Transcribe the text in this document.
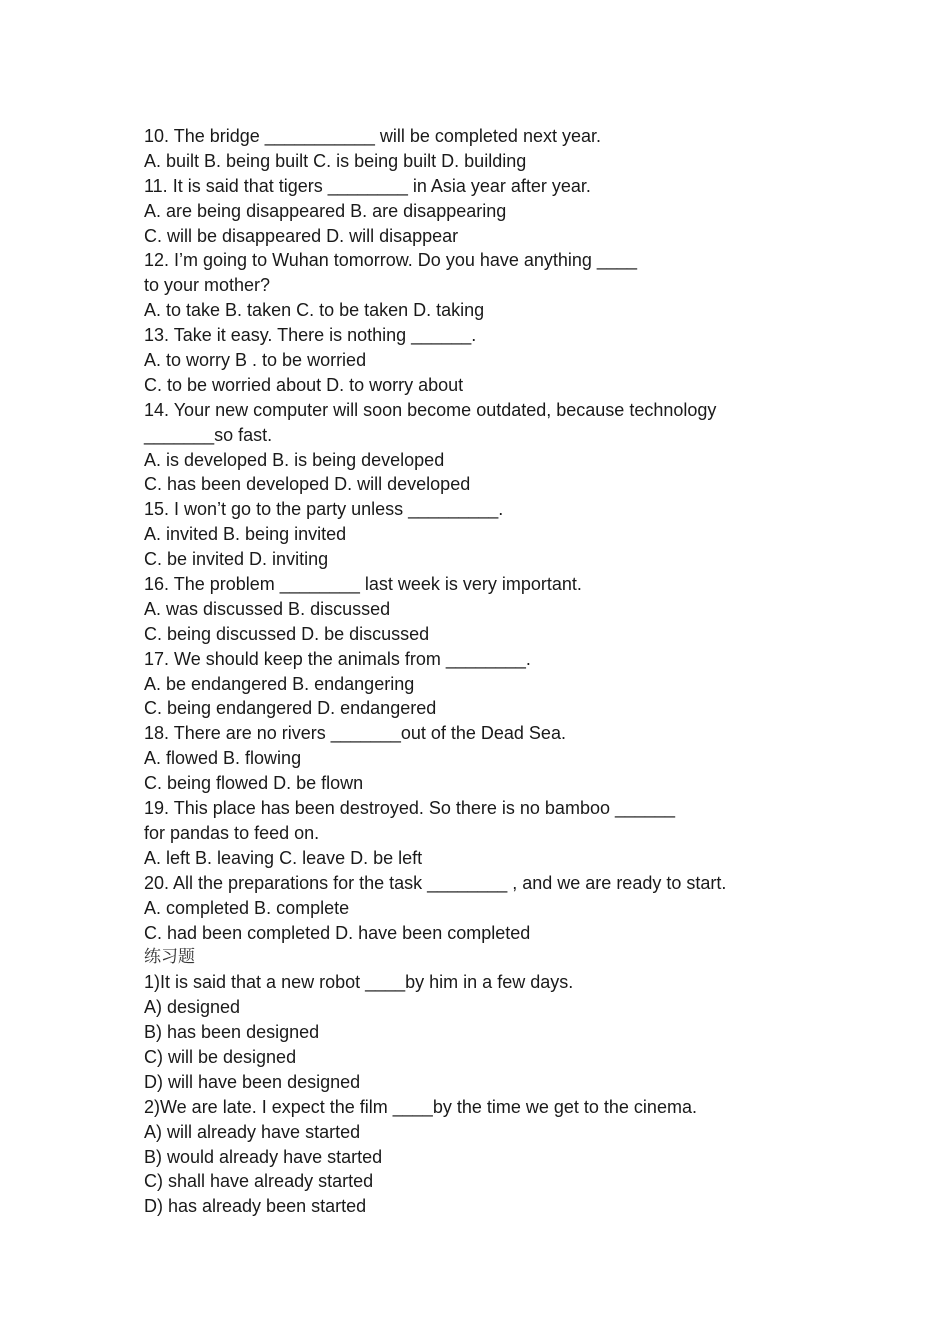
10. The bridge ___________ will be completed next year.
A. built B. being built C. is being built D. building
11. It is said that tigers ________ in Asia year after year.
A. are being disappeared B. are disappearing
C. will be disappeared D. will disappear
12. I’m going to Wuhan tomorrow. Do you have anything ____
to your mother?
A. to take B. taken C. to be taken D. taking
13. Take it easy. There is nothing ______.
A. to worry B . to be worried
C. to be worried about D. to worry about
14. Your new computer will soon become outdated, because technology
_______so fast.
A. is developed B. is being developed
C. has been developed D. will developed
15. I won’t go to the party unless _________.
A. invited B. being invited
C. be invited D. inviting
16. The problem ________ last week is very important.
A. was discussed B. discussed
C. being discussed D. be discussed
17. We should keep the animals from ________.
A. be endangered B. endangering
C. being endangered D. endangered
18. There are no rivers _______out of the Dead Sea.
A. flowed B. flowing
C. being flowed D. be flown
19. This place has been destroyed. So there is no bamboo ______
for pandas to feed on.
A. left B. leaving C. leave D. be left
20. All the preparations for the task ________ , and we are ready to start.
A. completed B. complete
C. had been completed D. have been completed
练习题
1)It is said that a new robot ____by him in a few days.
A) designed
B) has been designed
C) will be designed
D) will have been designed
2)We are late. I expect the film ____by the time we get to the cinema.
A) will already have started
B) would already have started
C) shall have already started
D) has already been started
